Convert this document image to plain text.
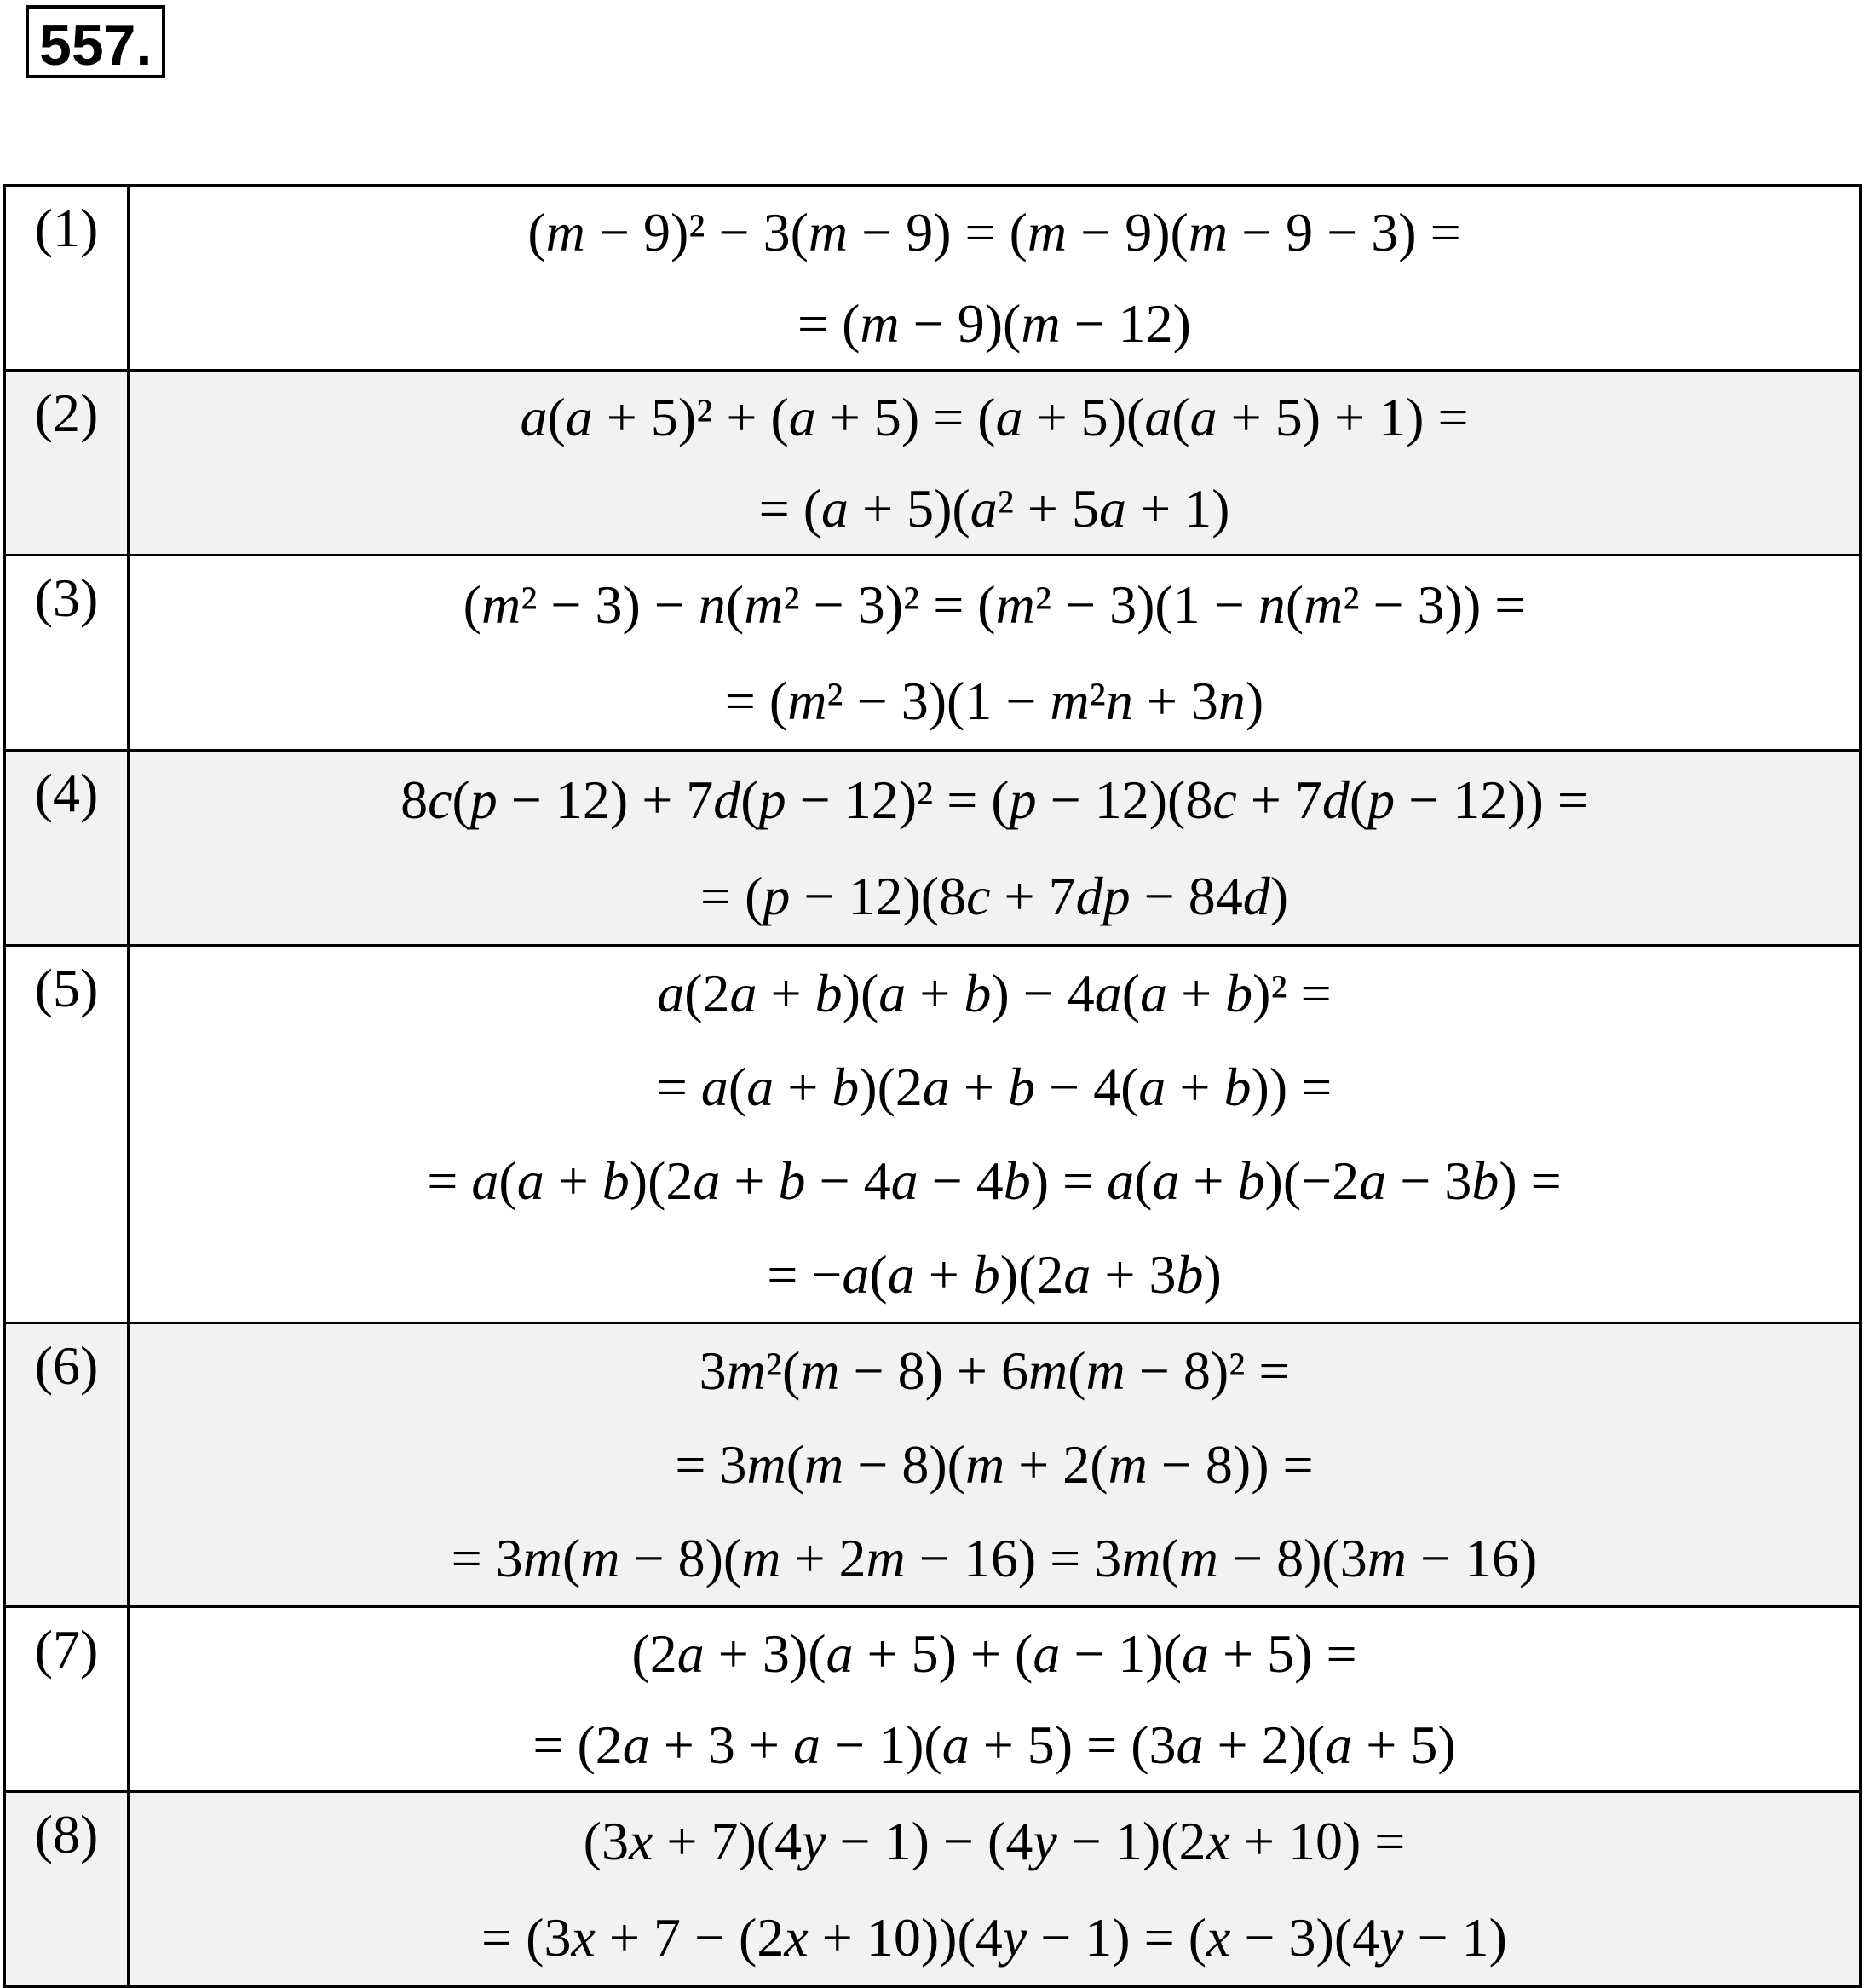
557.
(1)	(m − 9)² − 3(m − 9) = (m − 9)(m − 9 − 3) =
= (m − 9)(m − 12)

(2)	a(a + 5)² + (a + 5) = (a + 5)(a(a + 5) + 1) =
= (a + 5)(a² + 5a + 1)

(3)	(m² − 3) − n(m² − 3)² = (m² − 3)(1 − n(m² − 3)) =
= (m² − 3)(1 − m²n + 3n)

(4)	8c(p − 12) + 7d(p − 12)² = (p − 12)(8c + 7d(p − 12)) =
= (p − 12)(8c + 7dp − 84d)

(5)	a(2a + b)(a + b) − 4a(a + b)² =
= a(a + b)(2a + b − 4(a + b)) =
= a(a + b)(2a + b − 4a − 4b) = a(a + b)(−2a − 3b) =
= −a(a + b)(2a + 3b)

(6)	3m²(m − 8) + 6m(m − 8)² =
= 3m(m − 8)(m + 2(m − 8)) =
= 3m(m − 8)(m + 2m − 16) = 3m(m − 8)(3m − 16)

(7)	(2a + 3)(a + 5) + (a − 1)(a + 5) =
= (2a + 3 + a − 1)(a + 5) = (3a + 2)(a + 5)

(8)	(3x + 7)(4y − 1) − (4y − 1)(2x + 10) =
= (3x + 7 − (2x + 10))(4y − 1) = (x − 3)(4y − 1)
